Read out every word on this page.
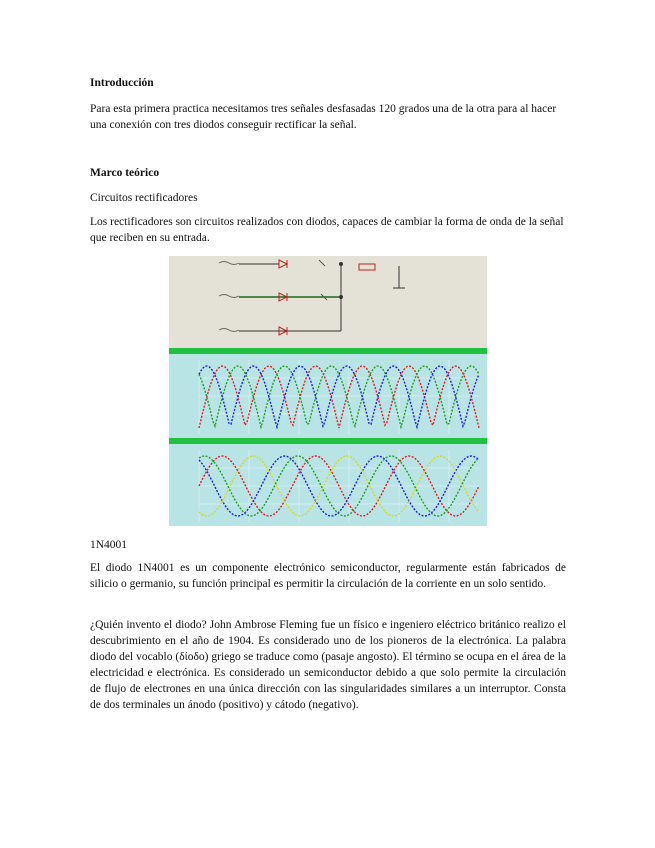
Introducción

Para esta primera practica necesitamos tres señales desfasadas 120 grados una de la otra para al hacer una conexión con tres diodos conseguir rectificar la señal.

Marco teórico
Circuitos rectificadores

Los rectificadores son circuitos realizados con diodos, capaces de cambiar la forma de onda de la señal que reciben en su entrada.

1N4001

El diodo 1N4001 es un componente electrónico semiconductor, regularmente están fabricados de silicio o germanio, su función principal es permitir la circulación de la corriente en un solo sentido.

¿Quién invento el diodo? John Ambrose Fleming fue un físico e ingeniero eléctrico británico realizo el descubrimiento en el año de 1904. Es considerado uno de los pioneros de la electrónica. La palabra diodo del vocablo (δίοδο) griego se traduce como (pasaje angosto). El término se ocupa en el área de la electricidad e electrónica. Es considerado un semiconductor debido a que solo permite la circulación de flujo de electrones en una única dirección con las singularidades similares a un interruptor. Consta de dos terminales un ánodo (positivo) y cátodo (negativo).
